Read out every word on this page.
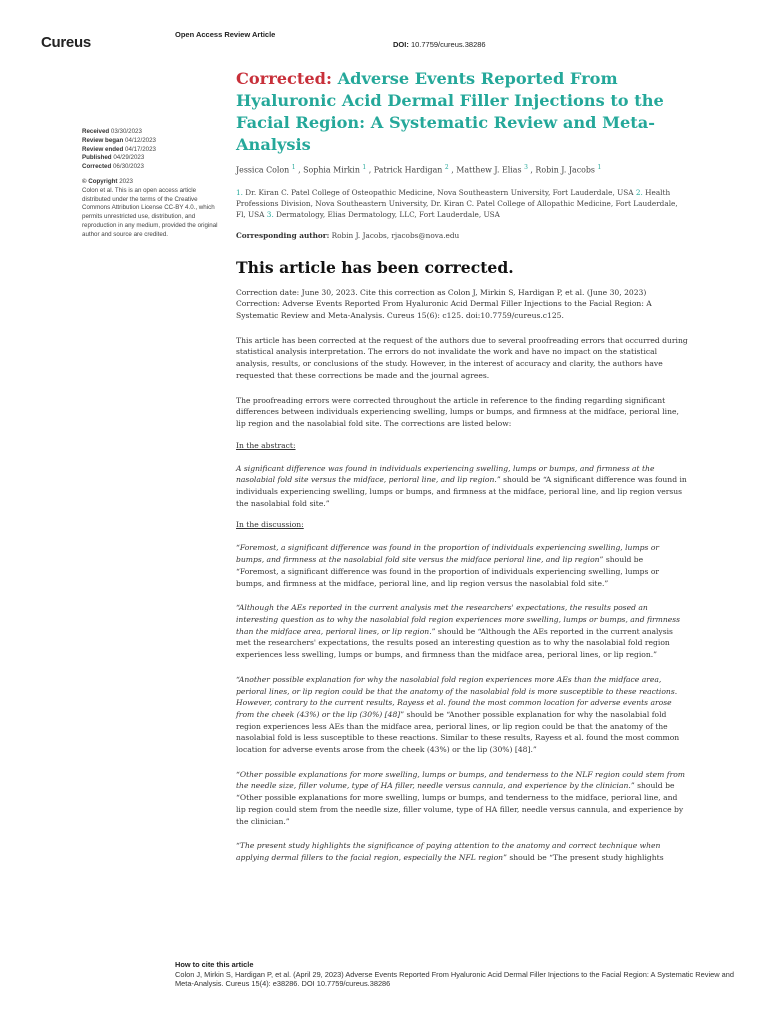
Cureus	Open Access Review Article
DOI: 10.7759/cureus.38286
Received 03/30/2023
Review began 04/12/2023
Review ended 04/17/2023
Published 04/29/2023
Corrected 06/30/2023
© Copyright 2023
Colon et al. This is an open access article distributed under the terms of the Creative Commons Attribution License CC-BY 4.0., which permits unrestricted use, distribution, and reproduction in any medium, provided the original author and source are credited.
Corrected: Adverse Events Reported From Hyaluronic Acid Dermal Filler Injections to the Facial Region: A Systematic Review and Meta-Analysis
Jessica Colon $^1$ , Sophia Mirkin $^1$ , Patrick Hardigan $^2$ , Matthew J. Elias $^3$ , Robin J. Jacobs $^1$
1. Dr. Kiran C. Patel College of Osteopathic Medicine, Nova Southeastern University, Fort Lauderdale, USA 2. Health Professions Division, Nova Southeastern University, Dr. Kiran C. Patel College of Allopathic Medicine, Fort Lauderdale, Fl, USA 3. Dermatology, Elias Dermatology, LLC, Fort Lauderdale, USA
Corresponding author: Robin J. Jacobs, rjacobs@nova.edu
This article has been corrected.
Correction date: June 30, 2023. Cite this correction as Colon J, Mirkin S, Hardigan P, et al. (June 30, 2023) Correction: Adverse Events Reported From Hyaluronic Acid Dermal Filler Injections to the Facial Region: A Systematic Review and Meta-Analysis. Cureus 15(6): c125. doi:10.7759/cureus.c125.
This article has been corrected at the request of the authors due to several proofreading errors that occurred during statistical analysis interpretation. The errors do not invalidate the work and have no impact on the statistical analysis, results, or conclusions of the study. However, in the interest of accuracy and clarity, the authors have requested that these corrections be made and the journal agrees.
The proofreading errors were corrected throughout the article in reference to the finding regarding significant differences between individuals experiencing swelling, lumps or bumps, and firmness at the midface, perioral line, lip region and the nasolabial fold site. The corrections are listed below:
In the abstract:
A significant difference was found in individuals experiencing swelling, lumps or bumps, and firmness at the nasolabial fold site versus the midface, perioral line, and lip region.” should be “A significant difference was found in individuals experiencing swelling, lumps or bumps, and firmness at the midface, perioral line, and lip region versus the nasolabial fold site.”
In the discussion:
“Foremost, a significant difference was found in the proportion of individuals experiencing swelling, lumps or bumps, and firmness at the nasolabial fold site versus the midface perioral line, and lip region” should be “Foremost, a significant difference was found in the proportion of individuals experiencing swelling, lumps or bumps, and firmness at the midface, perioral line, and lip region versus the nasolabial fold site.”
“Although the AEs reported in the current analysis met the researchers' expectations, the results posed an interesting question as to why the nasolabial fold region experiences more swelling, lumps or bumps, and firmness than the midface area, perioral lines, or lip region.” should be “Although the AEs reported in the current analysis met the researchers' expectations, the results posed an interesting question as to why the nasolabial fold region experiences less swelling, lumps or bumps, and firmness than the midface area, perioral lines, or lip region.”
“Another possible explanation for why the nasolabial fold region experiences more AEs than the midface area, perioral lines, or lip region could be that the anatomy of the nasolabial fold is more susceptible to these reactions. However, contrary to the current results, Rayess et al. found the most common location for adverse events arose from the cheek (43%) or the lip (30%) [48]” should be “Another possible explanation for why the nasolabial fold region experiences less AEs than the midface area, perioral lines, or lip region could be that the anatomy of the nasolabial fold is less susceptible to these reactions. Similar to these results, Rayess et al. found the most common location for adverse events arose from the cheek (43%) or the lip (30%) [48].”
“Other possible explanations for more swelling, lumps or bumps, and tenderness to the NLF region could stem from the needle size, filler volume, type of HA filler, needle versus cannula, and experience by the clinician.” should be “Other possible explanations for more swelling, lumps or bumps, and tenderness to the midface, perioral line, and lip region could stem from the needle size, filler volume, type of HA filler, needle versus cannula, and experience by the clinician.”
“The present study highlights the significance of paying attention to the anatomy and correct technique when applying dermal fillers to the facial region, especially the NFL region” should be “The present study highlights
How to cite this article
Colon J, Mirkin S, Hardigan P, et al. (April 29, 2023) Adverse Events Reported From Hyaluronic Acid Dermal Filler Injections to the Facial Region: A Systematic Review and Meta-Analysis. Cureus 15(4): e38286. DOI 10.7759/cureus.38286
